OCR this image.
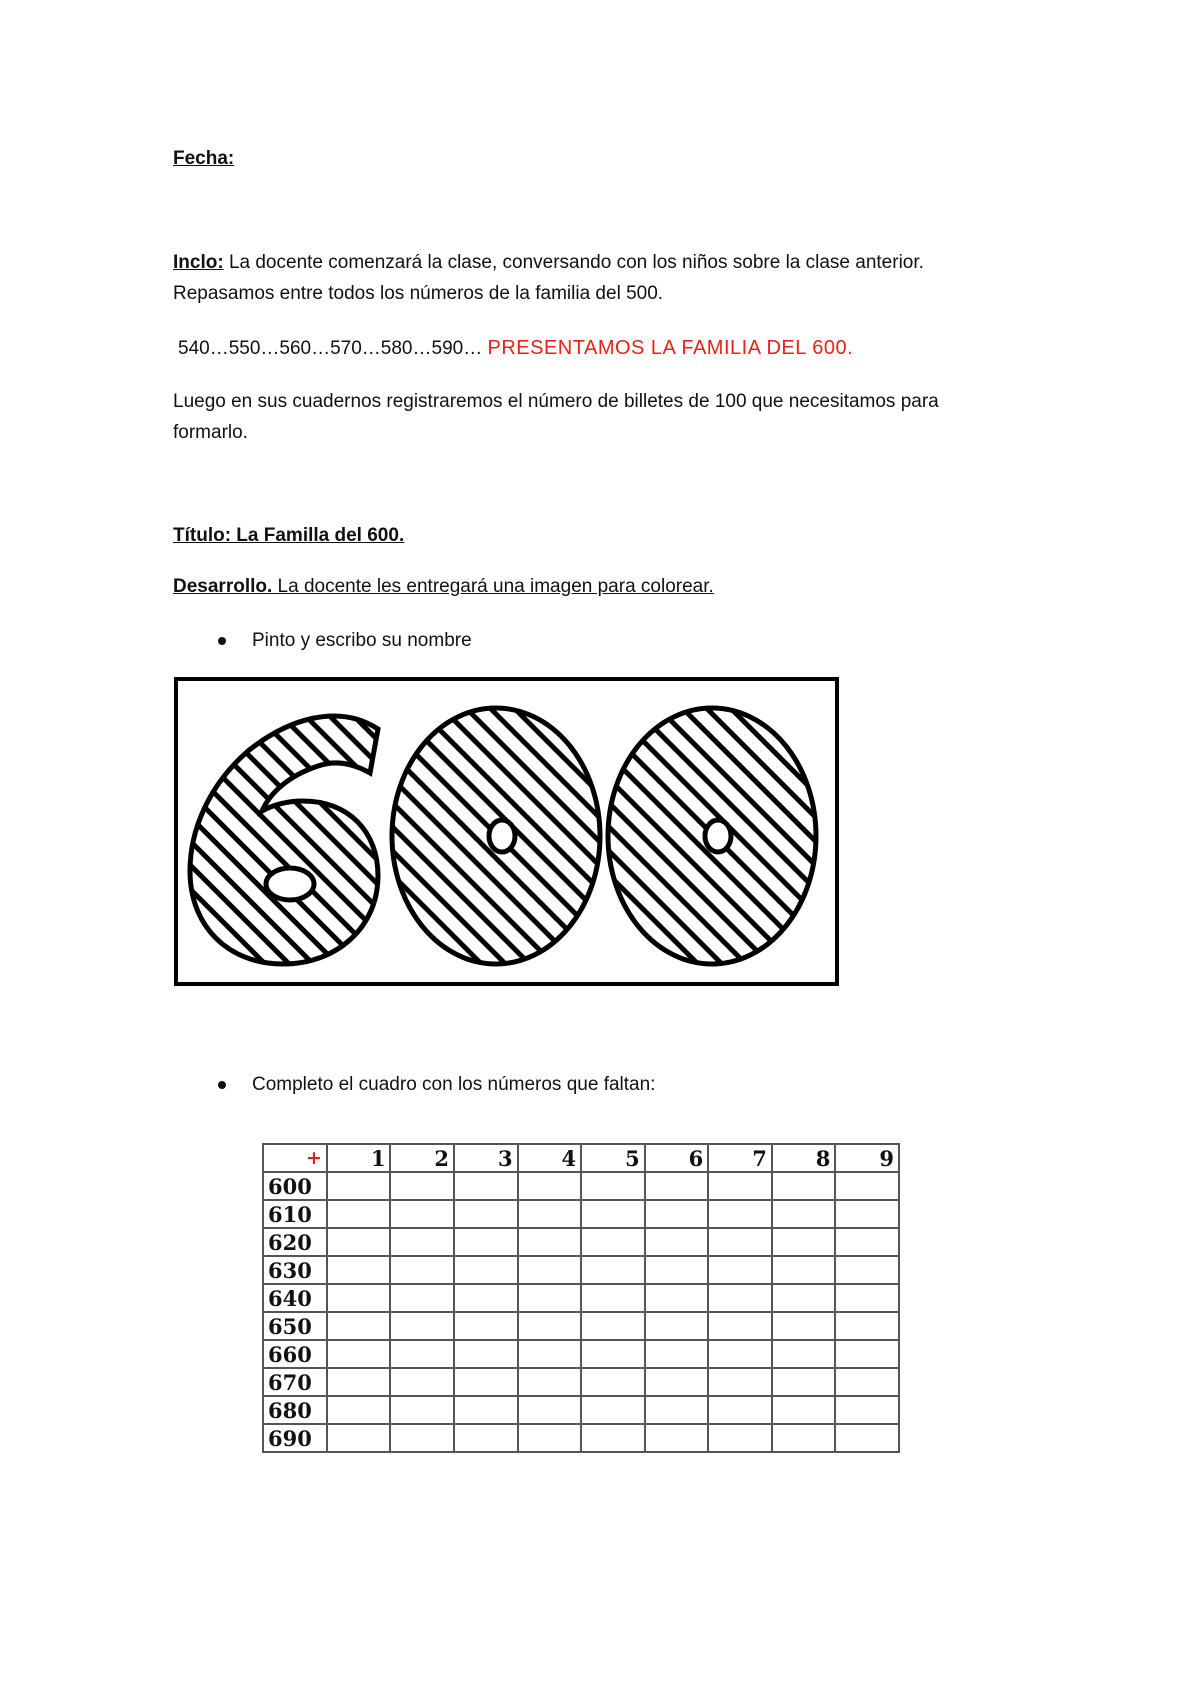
Fecha:
Inclo: La docente comenzará la clase, conversando con los niños sobre la clase anterior.
Repasamos entre todos los números de la familia del 500.
540…550…560…570…580…590… PRESENTAMOS LA FAMILIA DEL 600.
Luego en sus cuadernos registraremos el número de billetes de 100 que necesitamos para
formarlo.
Título: La Familla del 600.
Desarrollo. La docente les entregará una imagen para colorear.
Pinto y escribo su nombre
Completo el cuadro con los números que faltan:
+	1	2	3	4	5	6	7	8	9
600									
610									
620									
630									
640									
650									
660									
670									
680									
690									
